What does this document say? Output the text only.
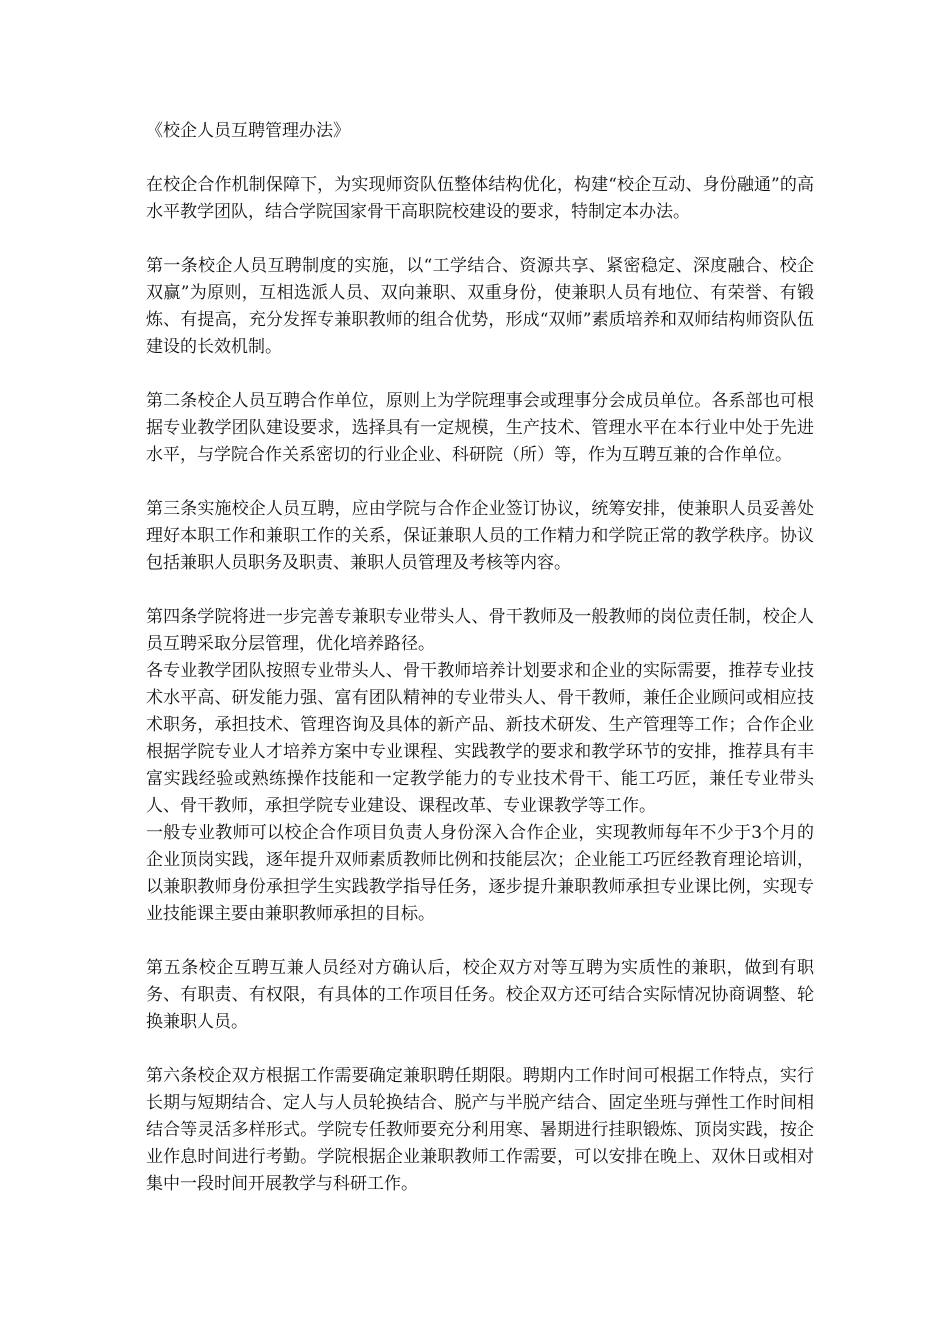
《校企人员互聘管理办法》

在校企合作机制保障下，为实现师资队伍整体结构优化，构建“校企互动、身份融通”的高水平教学团队，结合学院国家骨干高职院校建设的要求，特制定本办法。

第一条校企人员互聘制度的实施，以“工学结合、资源共享、紧密稳定、深度融合、校企双赢”为原则，互相选派人员、双向兼职、双重身份，使兼职人员有地位、有荣誉、有锻炼、有提高，充分发挥专兼职教师的组合优势，形成“双师”素质培养和双师结构师资队伍建设的长效机制。

第二条校企人员互聘合作单位，原则上为学院理事会或理事分会成员单位。各系部也可根据专业教学团队建设要求，选择具有一定规模，生产技术、管理水平在本行业中处于先进水平，与学院合作关系密切的行业企业、科研院（所）等，作为互聘互兼的合作单位。

第三条实施校企人员互聘，应由学院与合作企业签订协议，统筹安排，使兼职人员妥善处理好本职工作和兼职工作的关系，保证兼职人员的工作精力和学院正常的教学秩序。协议包括兼职人员职务及职责、兼职人员管理及考核等内容。

第四条学院将进一步完善专兼职专业带头人、骨干教师及一般教师的岗位责任制，校企人员互聘采取分层管理，优化培养路径。

各专业教学团队按照专业带头人、骨干教师培养计划要求和企业的实际需要，推荐专业技术水平高、研发能力强、富有团队精神的专业带头人、骨干教师，兼任企业顾问或相应技术职务，承担技术、管理咨询及具体的新产品、新技术研发、生产管理等工作；合作企业根据学院专业人才培养方案中专业课程、实践教学的要求和教学环节的安排，推荐具有丰富实践经验或熟练操作技能和一定教学能力的专业技术骨干、能工巧匠，兼任专业带头人、骨干教师，承担学院专业建设、课程改革、专业课教学等工作。

一般专业教师可以校企合作项目负责人身份深入合作企业，实现教师每年不少于3个月的企业顶岗实践，逐年提升双师素质教师比例和技能层次；企业能工巧匠经教育理论培训，以兼职教师身份承担学生实践教学指导任务，逐步提升兼职教师承担专业课比例，实现专业技能课主要由兼职教师承担的目标。

第五条校企互聘互兼人员经对方确认后，校企双方对等互聘为实质性的兼职，做到有职务、有职责、有权限，有具体的工作项目任务。校企双方还可结合实际情况协商调整、轮换兼职人员。

第六条校企双方根据工作需要确定兼职聘任期限。聘期内工作时间可根据工作特点，实行长期与短期结合、定人与人员轮换结合、脱产与半脱产结合、固定坐班与弹性工作时间相结合等灵活多样形式。学院专任教师要充分利用寒、暑期进行挂职锻炼、顶岗实践，按企业作息时间进行考勤。学院根据企业兼职教师工作需要，可以安排在晚上、双休日或相对集中一段时间开展教学与科研工作。
